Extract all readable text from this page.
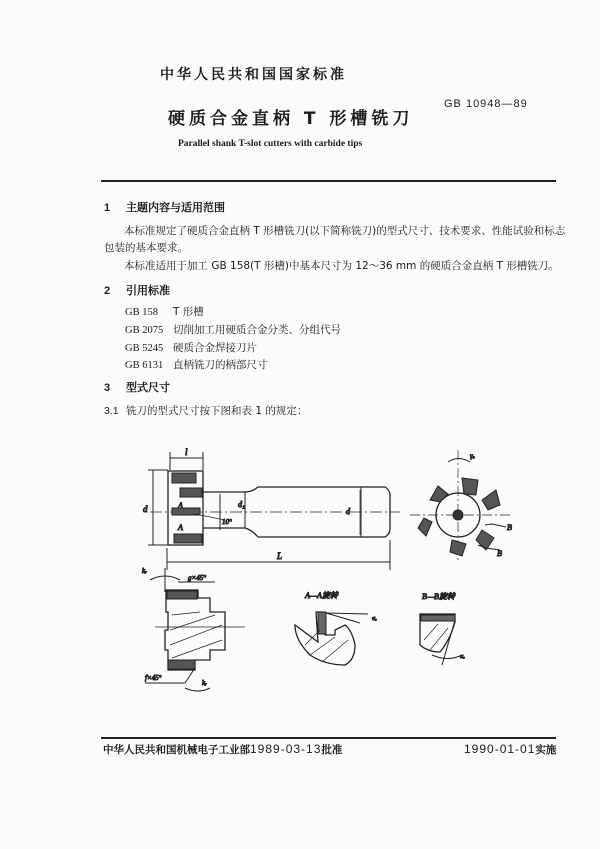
中华人民共和国国家标准
GB 10948—89
硬质合金直柄 T 形槽铣刀
Parallel shank T-slot cutters with carbide tips
1 主题内容与适用范围
本标准规定了硬质合金直柄 T 形槽铣刀(以下简称铣刀)的型式尺寸、技术要求、性能试验和标志
包装的基本要求。
本标准适用于加工 GB 158(T 形槽)中基本尺寸为 12～36 mm 的硬质合金直柄 T 形槽铣刀。
2 引用标准
GB 158 T 形槽
GB 2075 切削加工用硬质合金分类、分组代号
GB 5245 硬质合金焊接刀片
GB 6131 直柄铣刀的柄部尺寸
3 型式尺寸
3.1 铣刀的型式尺寸按下图和表 1 的规定：
l
d	d₁
d
10°
L
A
A
γₒ
B
B
kᵣ
g×45°
f×45°
kᵣ
αₒ
A—A旋转
αₒ
B—B旋转
中华人民共和国机械电子工业部1989-03-13批准	1990-01-01实施
